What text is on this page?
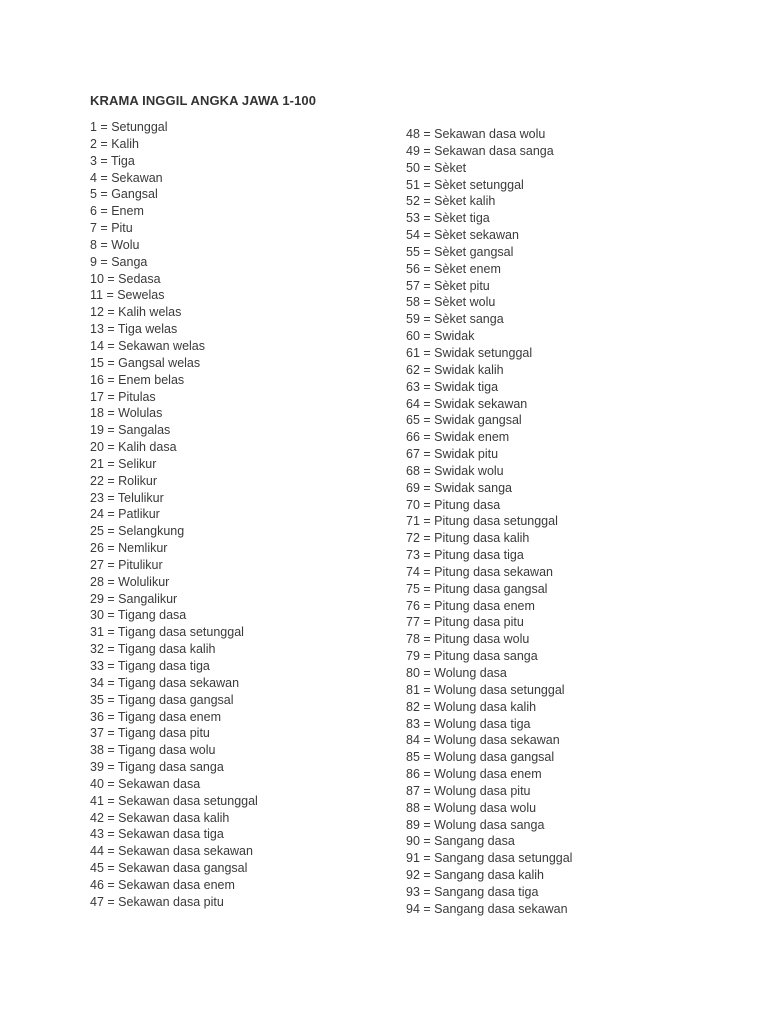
KRAMA INGGIL ANGKA JAWA 1-100
1 = Setunggal
2 = Kalih
3 = Tiga
4 = Sekawan
5 = Gangsal
6 = Enem
7 = Pitu
8 = Wolu
9 = Sanga
10 = Sedasa
11 = Sewelas
12 = Kalih welas
13 = Tiga welas
14 = Sekawan welas
15 = Gangsal welas
16 = Enem belas
17 = Pitulas
18 = Wolulas
19 = Sangalas
20 = Kalih dasa
21 = Selikur
22 = Rolikur
23 = Telulikur
24 = Patlikur
25 = Selangkung
26 = Nemlikur
27 = Pitulikur
28 = Wolulikur
29 = Sangalikur
30 = Tigang dasa
31 = Tigang dasa setunggal
32 = Tigang dasa kalih
33 = Tigang dasa tiga
34 = Tigang dasa sekawan
35 = Tigang dasa gangsal
36 = Tigang dasa enem
37 = Tigang dasa pitu
38 = Tigang dasa wolu
39 = Tigang dasa sanga
40 = Sekawan dasa
41 = Sekawan dasa setunggal
42 = Sekawan dasa kalih
43 = Sekawan dasa tiga
44 = Sekawan dasa sekawan
45 = Sekawan dasa gangsal
46 = Sekawan dasa enem
47 = Sekawan dasa pitu
48 = Sekawan dasa wolu
49 = Sekawan dasa sanga
50 = Sèket
51 = Sèket setunggal
52 = Sèket kalih
53 = Sèket tiga
54 = Sèket sekawan
55 = Sèket gangsal
56 = Sèket enem
57 = Sèket pitu
58 = Sèket wolu
59 = Sèket sanga
60 = Swidak
61 = Swidak setunggal
62 = Swidak kalih
63 = Swidak tiga
64 = Swidak sekawan
65 = Swidak gangsal
66 = Swidak enem
67 = Swidak pitu
68 = Swidak wolu
69 = Swidak sanga
70 = Pitung dasa
71 = Pitung dasa setunggal
72 = Pitung dasa kalih
73 = Pitung dasa tiga
74 = Pitung dasa sekawan
75 = Pitung dasa gangsal
76 = Pitung dasa enem
77 = Pitung dasa pitu
78 = Pitung dasa wolu
79 = Pitung dasa sanga
80 = Wolung dasa
81 = Wolung dasa setunggal
82 = Wolung dasa kalih
83 = Wolung dasa tiga
84 = Wolung dasa sekawan
85 = Wolung dasa gangsal
86 = Wolung dasa enem
87 = Wolung dasa pitu
88 = Wolung dasa wolu
89 = Wolung dasa sanga
90 = Sangang dasa
91 = Sangang dasa setunggal
92 = Sangang dasa kalih
93 = Sangang dasa tiga
94 = Sangang dasa sekawan
